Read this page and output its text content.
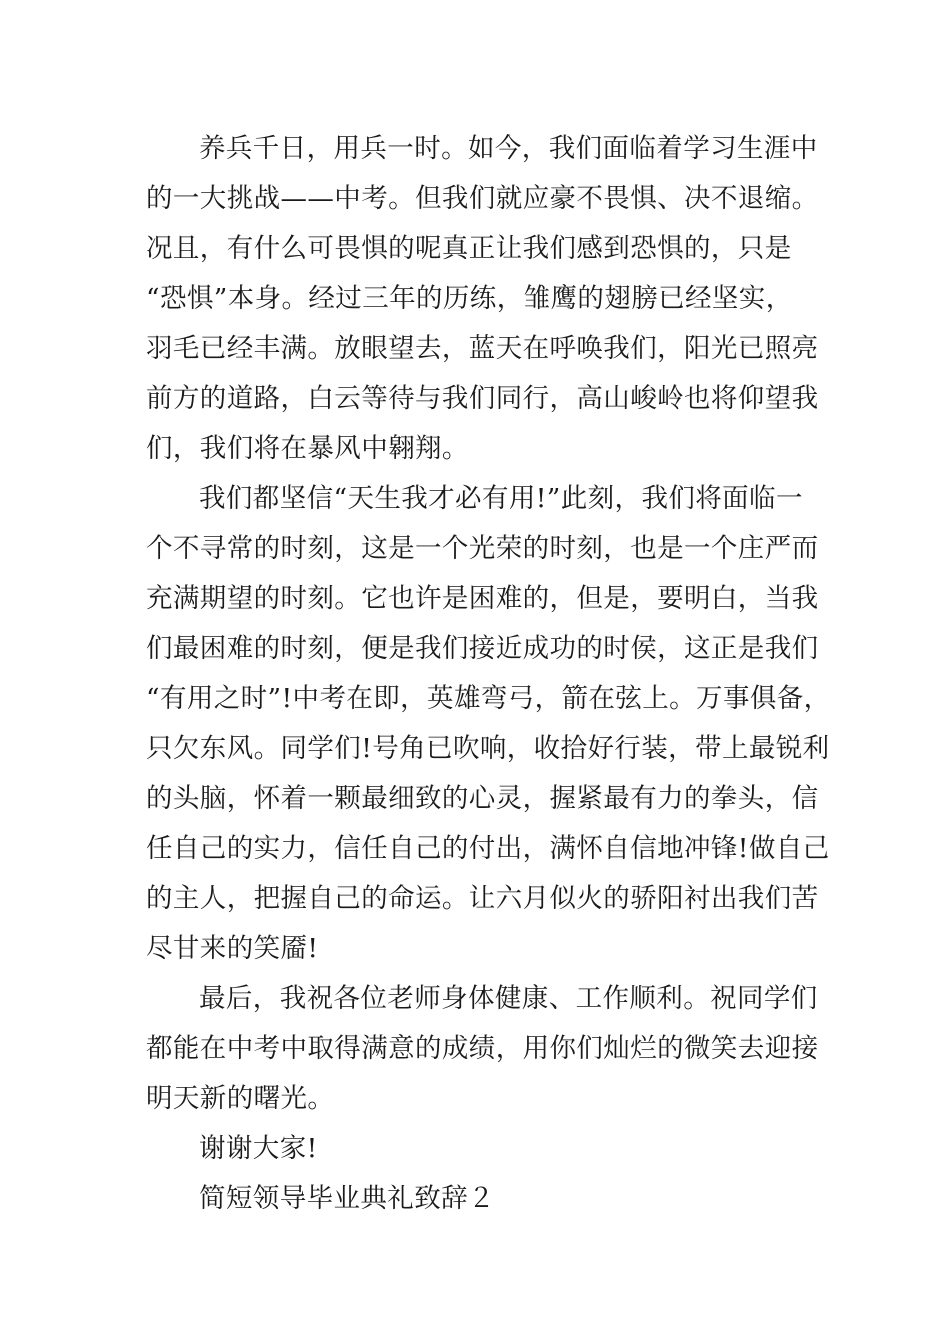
养兵千日，用兵一时。如今，我们面临着学习生涯中
的一大挑战——中考。但我们就应豪不畏惧、决不退缩。
况且，有什么可畏惧的呢真正让我们感到恐惧的，只是
“恐惧”本身。经过三年的历练，雏鹰的翅膀已经坚实，
羽毛已经丰满。放眼望去，蓝天在呼唤我们，阳光已照亮
前方的道路，白云等待与我们同行，高山峻岭也将仰望我
们，我们将在暴风中翱翔。
我们都坚信“天生我才必有用!”此刻，我们将面临一
个不寻常的时刻，这是一个光荣的时刻，也是一个庄严而
充满期望的时刻。它也许是困难的，但是，要明白，当我
们最困难的时刻，便是我们接近成功的时侯，这正是我们
“有用之时”!中考在即，英雄弯弓，箭在弦上。万事俱备，
只欠东风。同学们!号角已吹响，收拾好行装，带上最锐利
的头脑，怀着一颗最细致的心灵，握紧最有力的拳头，信
任自己的实力，信任自己的付出，满怀自信地冲锋!做自己
的主人，把握自己的命运。让六月似火的骄阳衬出我们苦
尽甘来的笑靥!
最后，我祝各位老师身体健康、工作顺利。祝同学们
都能在中考中取得满意的成绩，用你们灿烂的微笑去迎接
明天新的曙光。

谢谢大家!

简短领导毕业典礼致辞２
